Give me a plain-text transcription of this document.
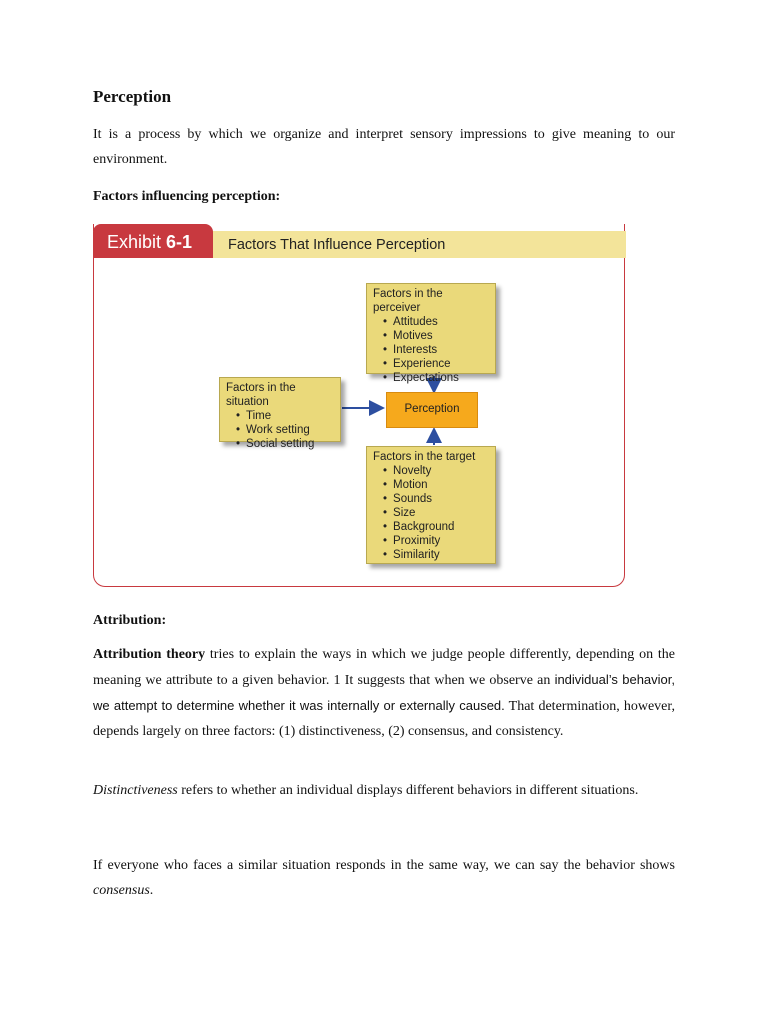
Perception
It is a process by which we organize and interpret sensory impressions to give meaning to our environment.
Factors influencing perception:
Exhibit 6-1	Factors That Influence Perception
Factors in the perceiver
• Attitudes
• Motives
• Interests
• Experience
• Expectations
Factors in the situation
• Time
• Work setting
• Social setting
Perception
Factors in the target
• Novelty
• Motion
• Sounds
• Size
• Background
• Proximity
• Similarity
Attribution:
Attribution theory tries to explain the ways in which we judge people differently, depending on the meaning we attribute to a given behavior. 1 It suggests that when we observe an individual’s behavior, we attempt to determine whether it was internally or externally caused. That determination, however, depends largely on three factors: (1) distinctiveness, (2) consensus, and consistency.
Distinctiveness refers to whether an individual displays different behaviors in different situations.
If everyone who faces a similar situation responds in the same way, we can say the behavior shows consensus.
